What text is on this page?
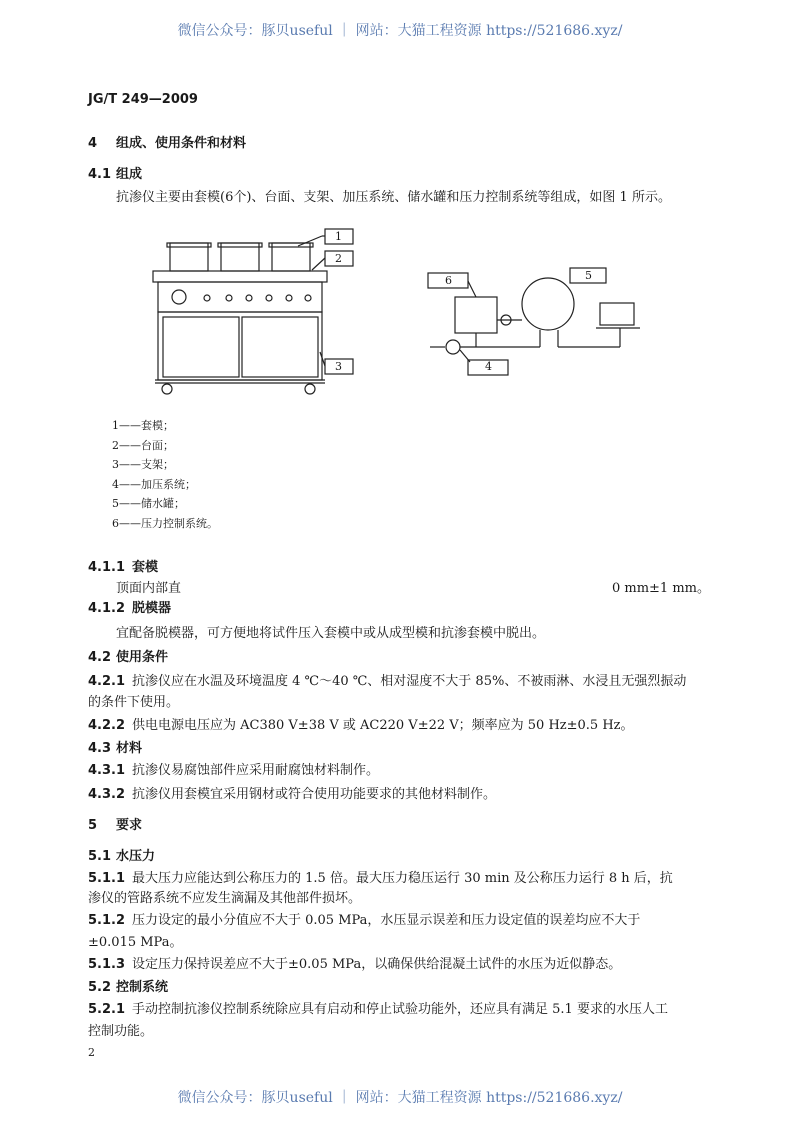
微信公众号：豚贝useful ｜ 网站：大猫工程资源 https://521686.xyz/
JG/T 249—2009
4 组成、使用条件和材料
4.1 组成
抗渗仪主要由套模(6个)、台面、支架、加压系统、储水罐和压力控制系统等组成，如图 1 所示。
1
2
3	4
5
6
1——套模；
2——台面；
3——支架；
4——加压系统；
5——储水罐；
6——压力控制系统。
4.1.1 套模
顶面内部直	0 mm±1 mm。
4.1.2 脱模器
宜配备脱模器，可方便地将试件压入套模中或从成型模和抗渗套模中脱出。
4.2 使用条件
4.2.1 抗渗仪应在水温及环境温度 4 ℃～40 ℃、相对湿度不大于 85%、不被雨淋、水浸且无强烈振动
的条件下使用。
4.2.2 供电电源电压应为 AC380 V±38 V 或 AC220 V±22 V；频率应为 50 Hz±0.5 Hz。
4.3 材料
4.3.1 抗渗仪易腐蚀部件应采用耐腐蚀材料制作。
4.3.2 抗渗仪用套模宜采用钢材或符合使用功能要求的其他材料制作。
5 要求
5.1 水压力
5.1.1 最大压力应能达到公称压力的 1.5 倍。最大压力稳压运行 30 min 及公称压力运行 8 h 后，抗
渗仪的管路系统不应发生滴漏及其他部件损坏。
5.1.2 压力设定的最小分值应不大于 0.05 MPa，水压显示误差和压力设定值的误差均应不大于
±0.015 MPa。
5.1.3 设定压力保持误差应不大于±0.05 MPa，以确保供给混凝土试件的水压为近似静态。
5.2 控制系统
5.2.1 手动控制抗渗仪控制系统除应具有启动和停止试验功能外，还应具有满足 5.1 要求的水压人工
控制功能。
2
微信公众号：豚贝useful ｜ 网站：大猫工程资源 https://521686.xyz/
